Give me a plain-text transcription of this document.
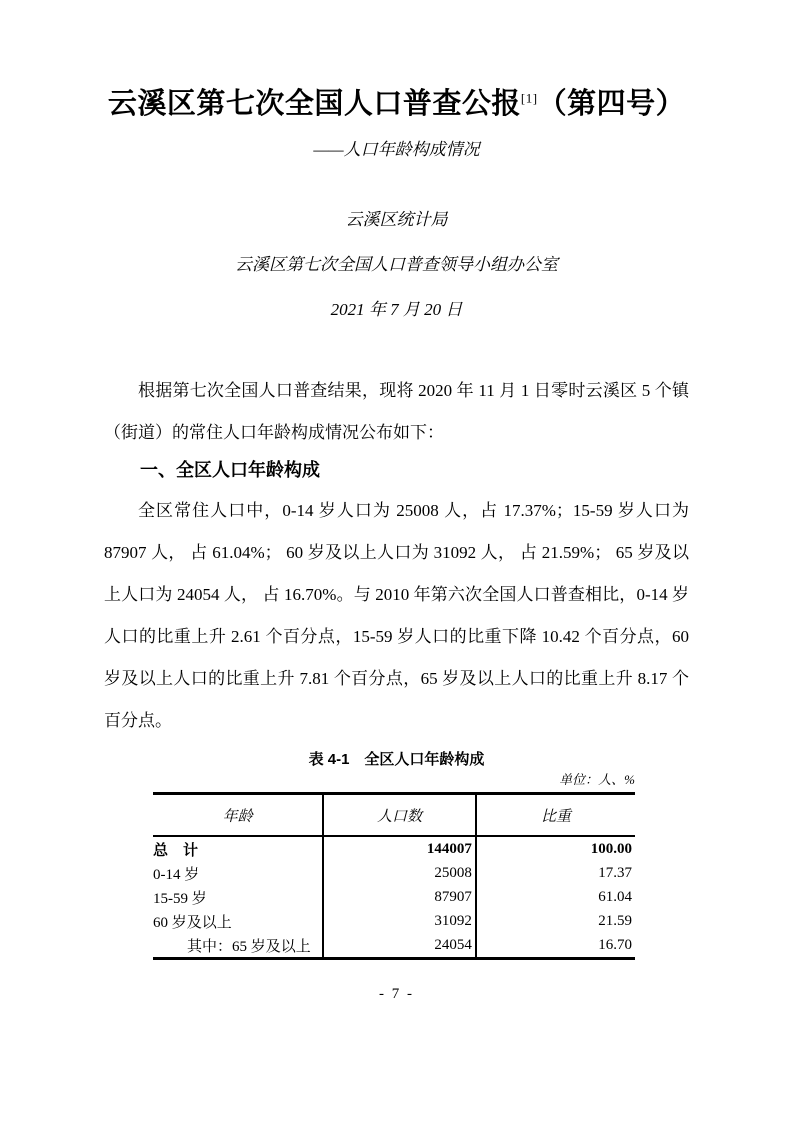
云溪区第七次全国人口普查公报[1]（第四号）
——人口年龄构成情况
云溪区统计局
云溪区第七次全国人口普查领导小组办公室
2021 年 7 月 20 日

根据第七次全国人口普查结果，现将 2020 年 11 月 1 日零时云溪区 5 个镇（街道）的常住人口年龄构成情况公布如下：

一、全区人口年龄构成

全区常住人口中，0-14 岁人口为 25008 人，占 17.37%；15-59 岁人口为 87907 人， 占 61.04%； 60 岁及以上人口为 31092 人， 占 21.59%； 65 岁及以上人口为 24054 人， 占 16.70%。与 2010 年第六次全国人口普查相比，0-14 岁人口的比重上升 2.61 个百分点，15-59 岁人口的比重下降 10.42 个百分点，60 岁及以上人口的比重上升 7.81 个百分点，65 岁及以上人口的比重上升 8.17 个百分点。

表 4-1　全区人口年龄构成
单位：人、%
年龄	人口数	比重
总　计	144007	100.00
0-14 岁	25008	17.37
15-59 岁	87907	61.04
60 岁及以上	31092	21.59
其中：65 岁及以上	24054	16.70
- 7 -
